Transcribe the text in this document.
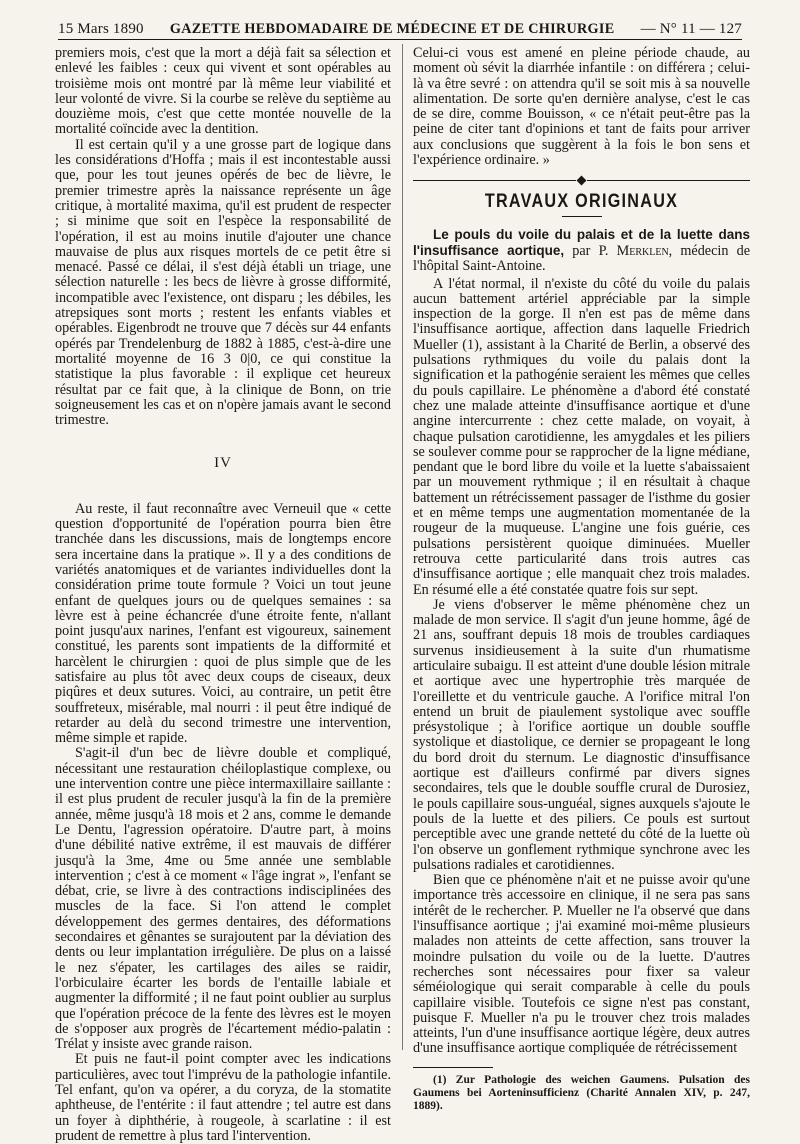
15 Mars 1890 GAZETTE HEBDOMADAIRE DE MÉDECINE ET DE CHIRURGIE — N° 11 — 127

premiers mois, c'est que la mort a déjà fait sa sélection et enlevé les faibles : ceux qui vivent et sont opérables au troisième mois ont montré par là même leur viabilité et leur volonté de vivre. Si la courbe se relève du septième au douzième mois, c'est que cette montée nouvelle de la mortalité coïncide avec la dentition.

Il est certain qu'il y a une grosse part de logique dans les considérations d'Hoffa ; mais il est incontestable aussi que, pour les tout jeunes opérés de bec de lièvre, le premier trimestre après la naissance représente un âge critique, à mortalité maxima, qu'il est prudent de respecter ; si minime que soit en l'espèce la responsabilité de l'opération, il est au moins inutile d'ajouter une chance mauvaise de plus aux risques mortels de ce petit être si menacé. Passé ce délai, il s'est déjà établi un triage, une sélection naturelle : les becs de lièvre à grosse difformité, incompatible avec l'existence, ont disparu ; les débiles, les atrepsiques sont morts ; restent les enfants viables et opérables. Eigenbrodt ne trouve que 7 décès sur 44 enfants opérés par Trendelenburg de 1882 à 1885, c'est-à-dire une mortalité moyenne de 16 3 0|0, ce qui constitue la statistique la plus favorable : il explique cet heureux résultat par ce fait que, à la clinique de Bonn, on trie soigneusement les cas et on n'opère jamais avant le second trimestre.

IV

Au reste, il faut reconnaître avec Verneuil que « cette question d'opportunité de l'opération pourra bien être tranchée dans les discussions, mais de longtemps encore sera incertaine dans la pratique ». Il y a des conditions de variétés anatomiques et de variantes individuelles dont la considération prime toute formule ? Voici un tout jeune enfant de quelques jours ou de quelques semaines : sa lèvre est à peine échancrée d'une étroite fente, n'allant point jusqu'aux narines, l'enfant est vigoureux, sainement constitué, les parents sont impatients de la difformité et harcèlent le chirurgien : quoi de plus simple que de les satisfaire au plus tôt avec deux coups de ciseaux, deux piqûres et deux sutures. Voici, au contraire, un petit être souffreteux, misérable, mal nourri : il peut être indiqué de retarder au delà du second trimestre une intervention, même simple et rapide.

S'agit-il d'un bec de lièvre double et compliqué, nécessitant une restauration chéiloplastique complexe, ou une intervention contre une pièce intermaxillaire saillante : il est plus prudent de reculer jusqu'à la fin de la première année, même jusqu'à 18 mois et 2 ans, comme le demande Le Dentu, l'agression opératoire. D'autre part, à moins d'une débilité native extrême, il est mauvais de différer jusqu'à la 3me, 4me ou 5me année une semblable intervention ; c'est à ce moment « l'âge ingrat », l'enfant se débat, crie, se livre à des contractions indisciplinées des muscles de la face. Si l'on attend le complet développement des germes dentaires, des déformations secondaires et gênantes se surajoutent par la déviation des dents ou leur implantation irrégulière. De plus on a laissé le nez s'épater, les cartilages des ailes se raidir, l'orbiculaire écarter les bords de l'entaille labiale et augmenter la difformité ; il ne faut point oublier au surplus que l'opération précoce de la fente des lèvres est le moyen de s'opposer aux progrès de l'écartement médio-palatin : Trélat y insiste avec grande raison.

Et puis ne faut-il point compter avec les indications particulières, avec tout l'imprévu de la pathologie infantile. Tel enfant, qu'on va opérer, a du coryza, de la stomatite aphtheuse, de l'entérite : il faut attendre ; tel autre est dans un foyer à diphthérie, à rougeole, à scarlatine : il est prudent de remettre à plus tard l'intervention.

Celui-ci vous est amené en pleine période chaude, au moment où sévit la diarrhée infantile : on différera ; celui-là va être sevré : on attendra qu'il se soit mis à sa nouvelle alimentation. De sorte qu'en dernière analyse, c'est le cas de se dire, comme Bouisson, « ce n'était peut-être pas la peine de citer tant d'opinions et tant de faits pour arriver aux conclusions que suggèrent à la fois le bon sens et l'expérience ordinaire. »

TRAVAUX ORIGINAUX

Le pouls du voile du palais et de la luette dans l'insuffisance aortique, par P. Merklen, médecin de l'hôpital Saint-Antoine.

A l'état normal, il n'existe du côté du voile du palais aucun battement artériel appréciable par la simple inspection de la gorge. Il n'en est pas de même dans l'insuffisance aortique, affection dans laquelle Friedrich Mueller (1), assistant à la Charité de Berlin, a observé des pulsations rythmiques du voile du palais dont la signification et la pathogénie seraient les mêmes que celles du pouls capillaire. Le phénomène a d'abord été constaté chez une malade atteinte d'insuffisance aortique et d'une angine intercurrente : chez cette malade, on voyait, à chaque pulsation carotidienne, les amygdales et les piliers se soulever comme pour se rapprocher de la ligne médiane, pendant que le bord libre du voile et la luette s'abaissaient par un mouvement rythmique ; il en résultait à chaque battement un rétrécissement passager de l'isthme du gosier et en même temps une augmentation momentanée de la rougeur de la muqueuse. L'angine une fois guérie, ces pulsations persistèrent quoique diminuées. Mueller retrouva cette particularité dans trois autres cas d'insuffisance aortique ; elle manquait chez trois malades. En résumé elle a été constatée quatre fois sur sept.

Je viens d'observer le même phénomène chez un malade de mon service. Il s'agit d'un jeune homme, âgé de 21 ans, souffrant depuis 18 mois de troubles cardiaques survenus insidieusement à la suite d'un rhumatisme articulaire subaigu. Il est atteint d'une double lésion mitrale et aortique avec une hypertrophie très marquée de l'oreillette et du ventricule gauche. A l'orifice mitral l'on entend un bruit de piaulement systolique avec souffle présystolique ; à l'orifice aortique un double souffle systolique et diastolique, ce dernier se propageant le long du bord droit du sternum. Le diagnostic d'insuffisance aortique est d'ailleurs confirmé par divers signes secondaires, tels que le double souffle crural de Durosiez, le pouls capillaire sous-unguéal, signes auxquels s'ajoute le pouls de la luette et des piliers. Ce pouls est surtout perceptible avec une grande netteté du côté de la luette où l'on observe un gonflement rythmique synchrone avec les pulsations radiales et carotidiennes.

Bien que ce phénomène n'ait et ne puisse avoir qu'une importance très accessoire en clinique, il ne sera pas sans intérêt de le rechercher. P. Mueller ne l'a observé que dans l'insuffisance aortique ; j'ai examiné moi-même plusieurs malades non atteints de cette affection, sans trouver la moindre pulsation du voile ou de la luette. D'autres recherches sont nécessaires pour fixer sa valeur séméiologique qui serait comparable à celle du pouls capillaire visible. Toutefois ce signe n'est pas constant, puisque F. Mueller n'a pu le trouver chez trois malades atteints, l'un d'une insuffisance aortique légère, deux autres d'une insuffisance aortique compliquée de rétrécissement

(1) Zur Pathologie des weichen Gaumens. Pulsation des Gaumens bei Aorteninsufficienz (Charité Annalen XIV, p. 247, 1889).
